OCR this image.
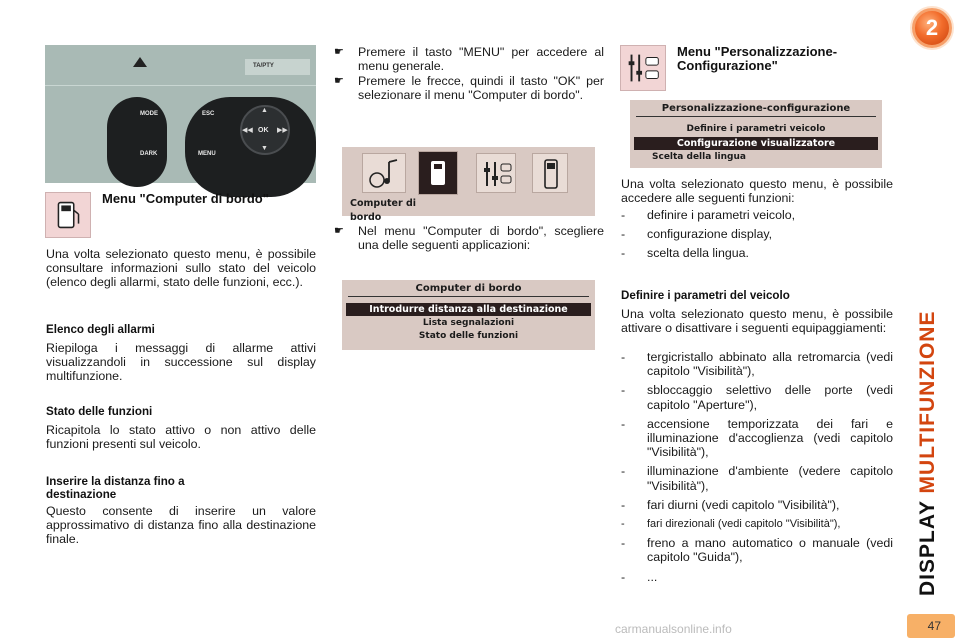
2
DISPLAY MULTIFUNZIONE
47
TA/PTY
MODE
DARK
ESC
MENU
OK
▲
▼
◀◀	▶▶
Menu "Computer di bordo"
Una volta selezionato questo menu, è possibile consultare informazioni sullo stato del veicolo (elenco degli allarmi, stato delle funzioni, ecc.).
Elenco degli allarmi
Riepiloga i messaggi di allarme attivi visualizzandoli in successione sul display multifunzione.
Stato delle funzioni
Ricapitola lo stato attivo o non attivo delle funzioni presenti sul veicolo.
Inserire la distanza fino a destinazione
Questo consente di inserire un valore approssimativo di distanza fino alla destinazione finale.
☛	Premere il tasto "MENU" per accedere al menu generale.
☛	Premere le frecce, quindi il tasto "OK" per selezionare il menu "Computer di bordo".
Computer di bordo
☛	Nel menu "Computer di bordo", scegliere una delle seguenti applicazioni:
Computer di bordo
Introdurre distanza alla destinazione
Lista segnalazioni
Stato delle funzioni
Menu "Personalizzazione-Configurazione"
Personalizzazione-configurazione
Definire i parametri veicolo
Configurazione visualizzatore
Scelta della lingua
Una volta selezionato questo menu, è possibile accedere alle seguenti funzioni:
- definire i parametri veicolo,
- configurazione display,
- scelta della lingua.
Definire i parametri del veicolo
Una volta selezionato questo menu, è possibile attivare o disattivare i seguenti equipaggiamenti:
- tergicristallo abbinato alla retromarcia (vedi capitolo "Visibilità"),
- sbloccaggio selettivo delle porte (vedi capitolo "Aperture"),
- accensione temporizzata dei fari e illuminazione d'accoglienza (vedi capitolo "Visibilità"),
- illuminazione d'ambiente (vedere capitolo "Visibilità"),
- fari diurni (vedi capitolo "Visibilità"),
- fari direzionali (vedi capitolo "Visibilità"),
- freno a mano automatico o manuale (vedi capitolo "Guida"),
- ...
carmanualsonline.info
